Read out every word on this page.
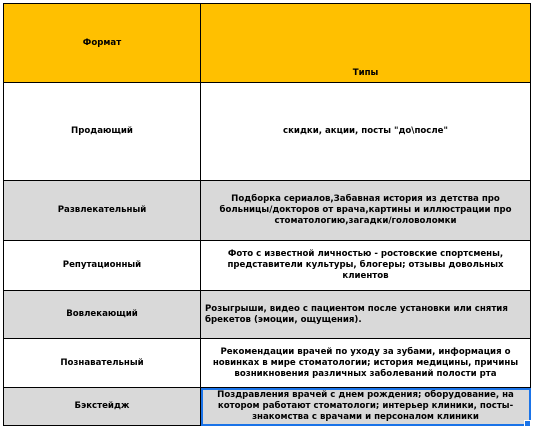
Формат	Типы
Продающий	скидки, акции, посты "до\после"
Развлекательный	Подборка сериалов,Забавная история из детства про больницы/докторов от врача,картины и иллюстрации про стоматологию,загадки/головоломки
Репутационный	Фото с известной личностью - ростовские спортсмены, представители культуры, блогеры; отзывы довольных клиентов
Вовлекающий	Розыгрыши, видео с пациентом после установки или снятия брекетов (эмоции, ощущения).
Познавательный	Рекомендации врачей по уходу за зубами, информация о новинках в мире стоматологии; история медицины, причины возникновения различных заболеваний полости рта
Бэкстейдж	Поздравления врачей с днем рождения; оборудование, на котором работают стоматологи; интерьер клиники, посты-знакомства с врачами и персоналом клиники
